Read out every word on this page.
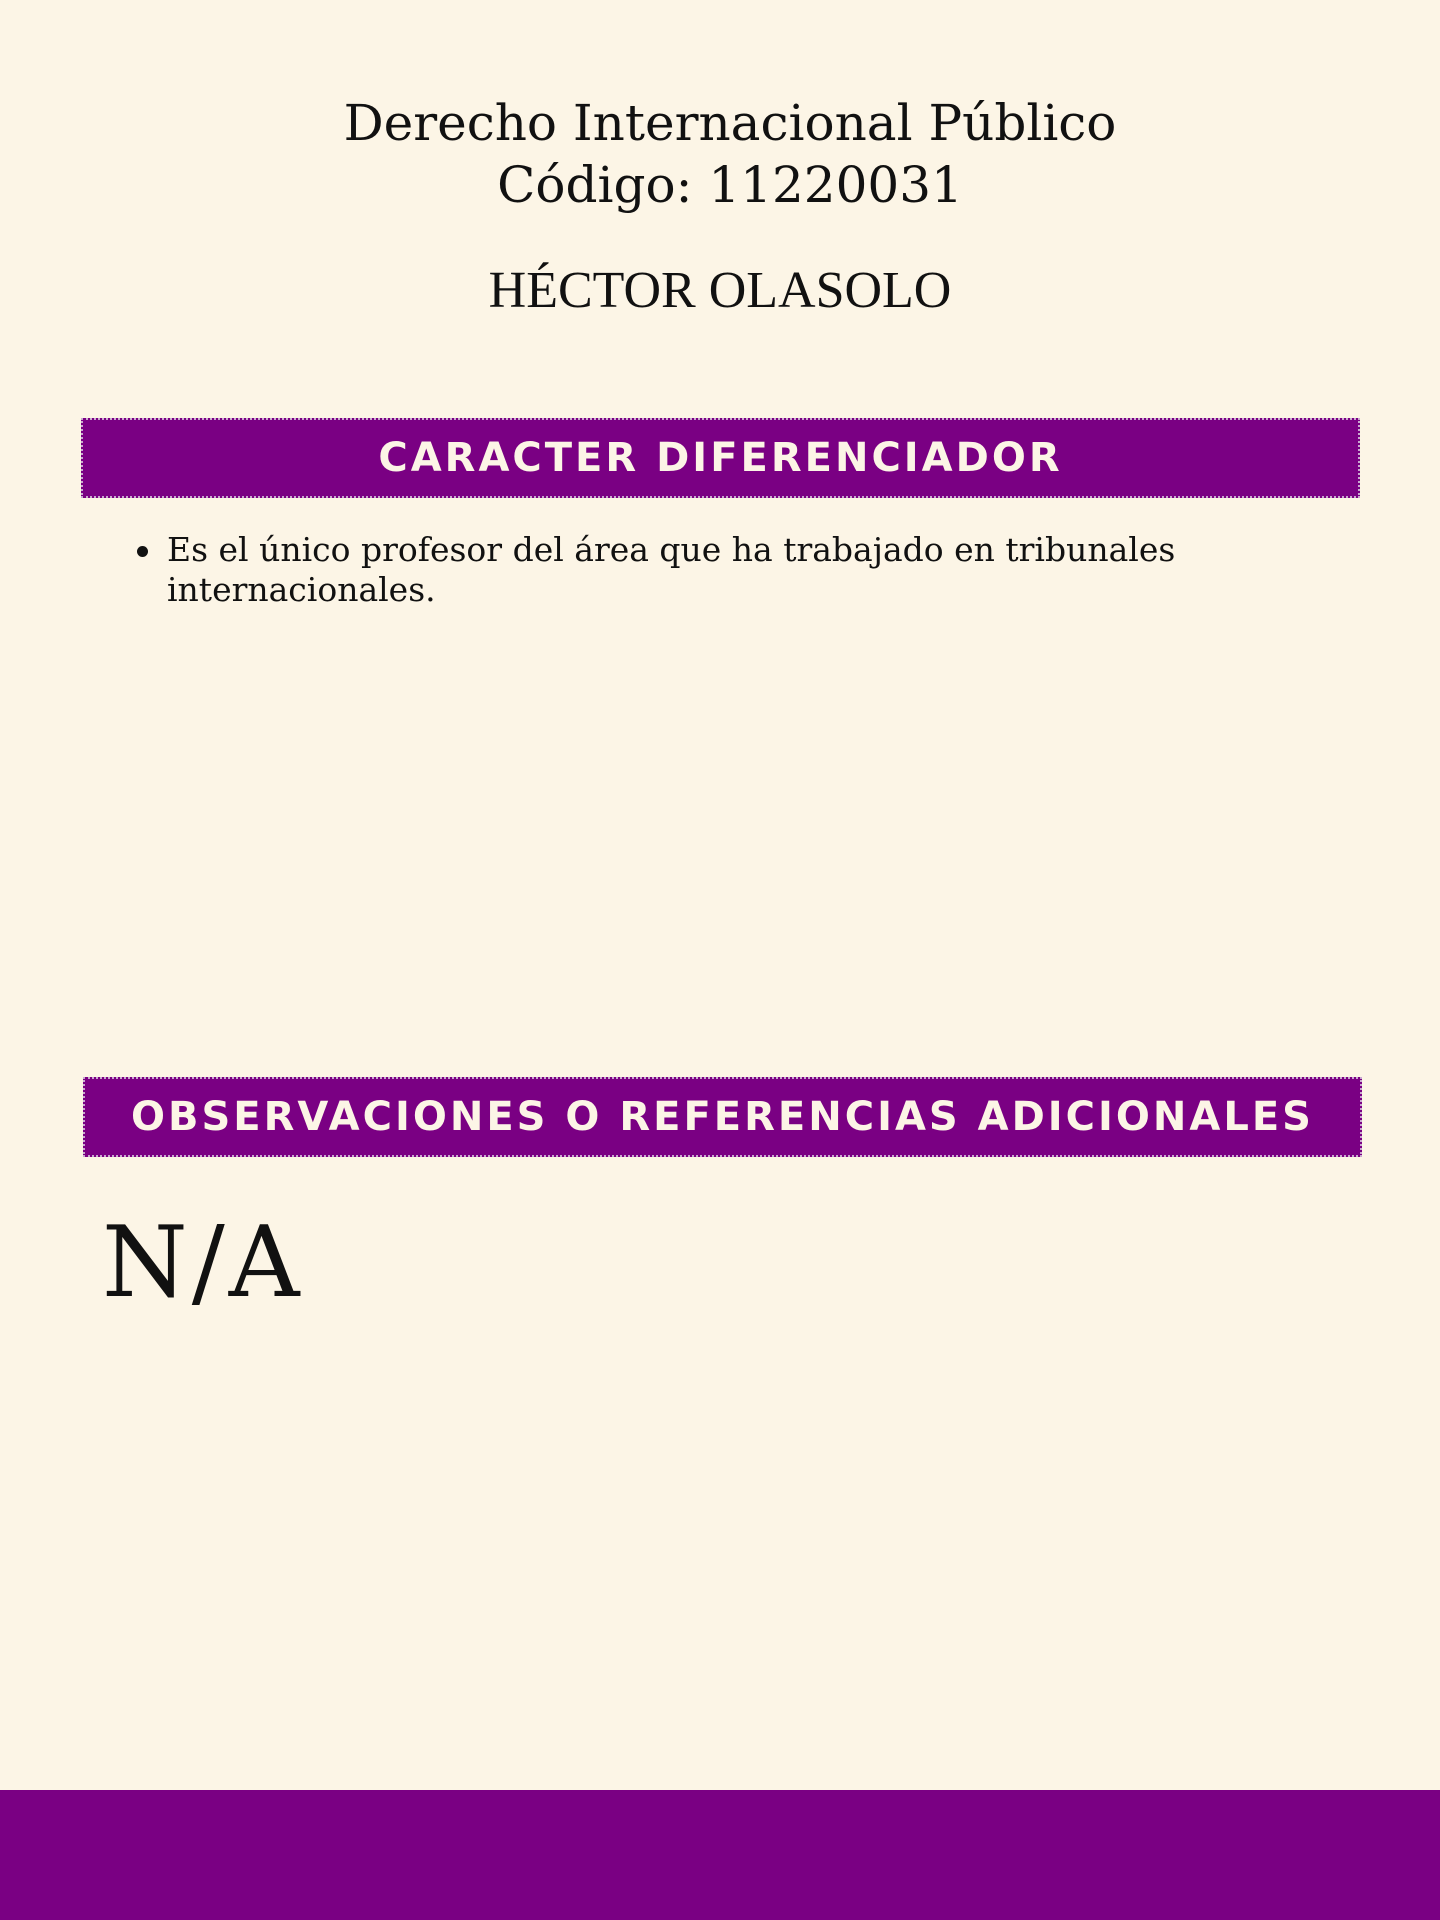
Derecho Internacional Público
Código: 11220031
HÉCTOR OLASOLO
CARACTER DIFERENCIADOR
Es el único profesor del área que ha trabajado en tribunales internacionales.
OBSERVACIONES O REFERENCIAS ADICIONALES
N/A
